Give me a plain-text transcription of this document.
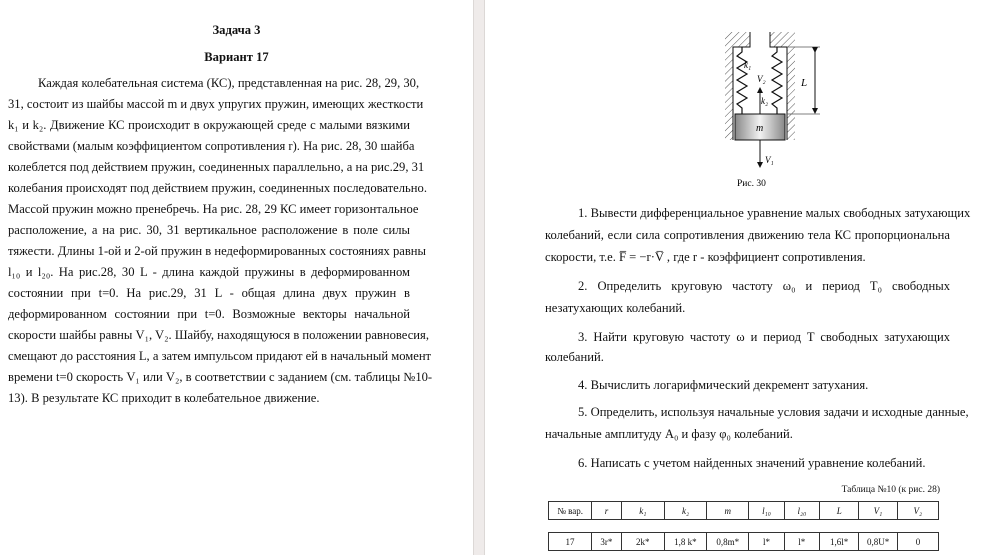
Задача 3
Вариант 17
Каждая колебательная система (КС), представленная на рис. 28, 29, 30,
31, состоит из шайбы массой m и двух упругих пружин, имеющих жесткости
k₁ и k₂. Движение КС происходит в окружающей среде с малыми вязкими
свойствами (малым коэффициентом сопротивления r). На рис. 28, 30 шайба
колеблется под действием пружин, соединенных параллельно, а на рис.29, 31
колебания происходят под действием пружин, соединенных последовательно.
Массой пружин можно пренебречь. На рис. 28, 29 КС имеет горизонтальное
расположение, а на рис. 30, 31 вертикальное расположение в поле силы
тяжести. Длины 1-ой и 2-ой пружин в недеформированных состояниях равны
l₁₀ и l₂₀. На рис.28, 30 L - длина каждой пружины в деформированном
состоянии при t=0. На рис.29, 31 L - общая длина двух пружин в
деформированном состоянии при t=0. Возможные векторы начальной
скорости шайбы равны V₁, V₂. Шайбу, находящуюся в положении равновесия,
смещают до расстояния L, а затем импульсом придают ей в начальный момент
времени t=0 скорость V₁ или V₂, в соответствии с заданием (см. таблицы №10-
13). В результате КС приходит в колебательное движение.
k₁
V₂
k₂
m
V₁
L
Рис. 30
1. Вывести дифференциальное уравнение малых свободных затухающих
колебаний, если сила сопротивления движению тела КС пропорциональна
скорости, т.е. F̅ = −r·V̅ , где r - коэффициент сопротивления.
2. Определить круговую частоту ω₀ и период T₀ свободных
незатухающих колебаний.
3. Найти круговую частоту ω и период T свободных затухающих
колебаний.
4. Вычислить логарифмический декремент затухания.
5. Определить, используя начальные условия задачи и исходные данные,
начальные амплитуду A₀ и фазу φ₀ колебаний.
6. Написать с учетом найденных значений уравнение колебаний.
Таблица №10 (к рис. 28)
№ вар.	r	k₁	k₂	m	l₁₀	l₂₀	L	V₁	V₂
17	3r*	2k*	1,8 k*	0,8m*	l*	l*	1,6l*	0,8U*	0
